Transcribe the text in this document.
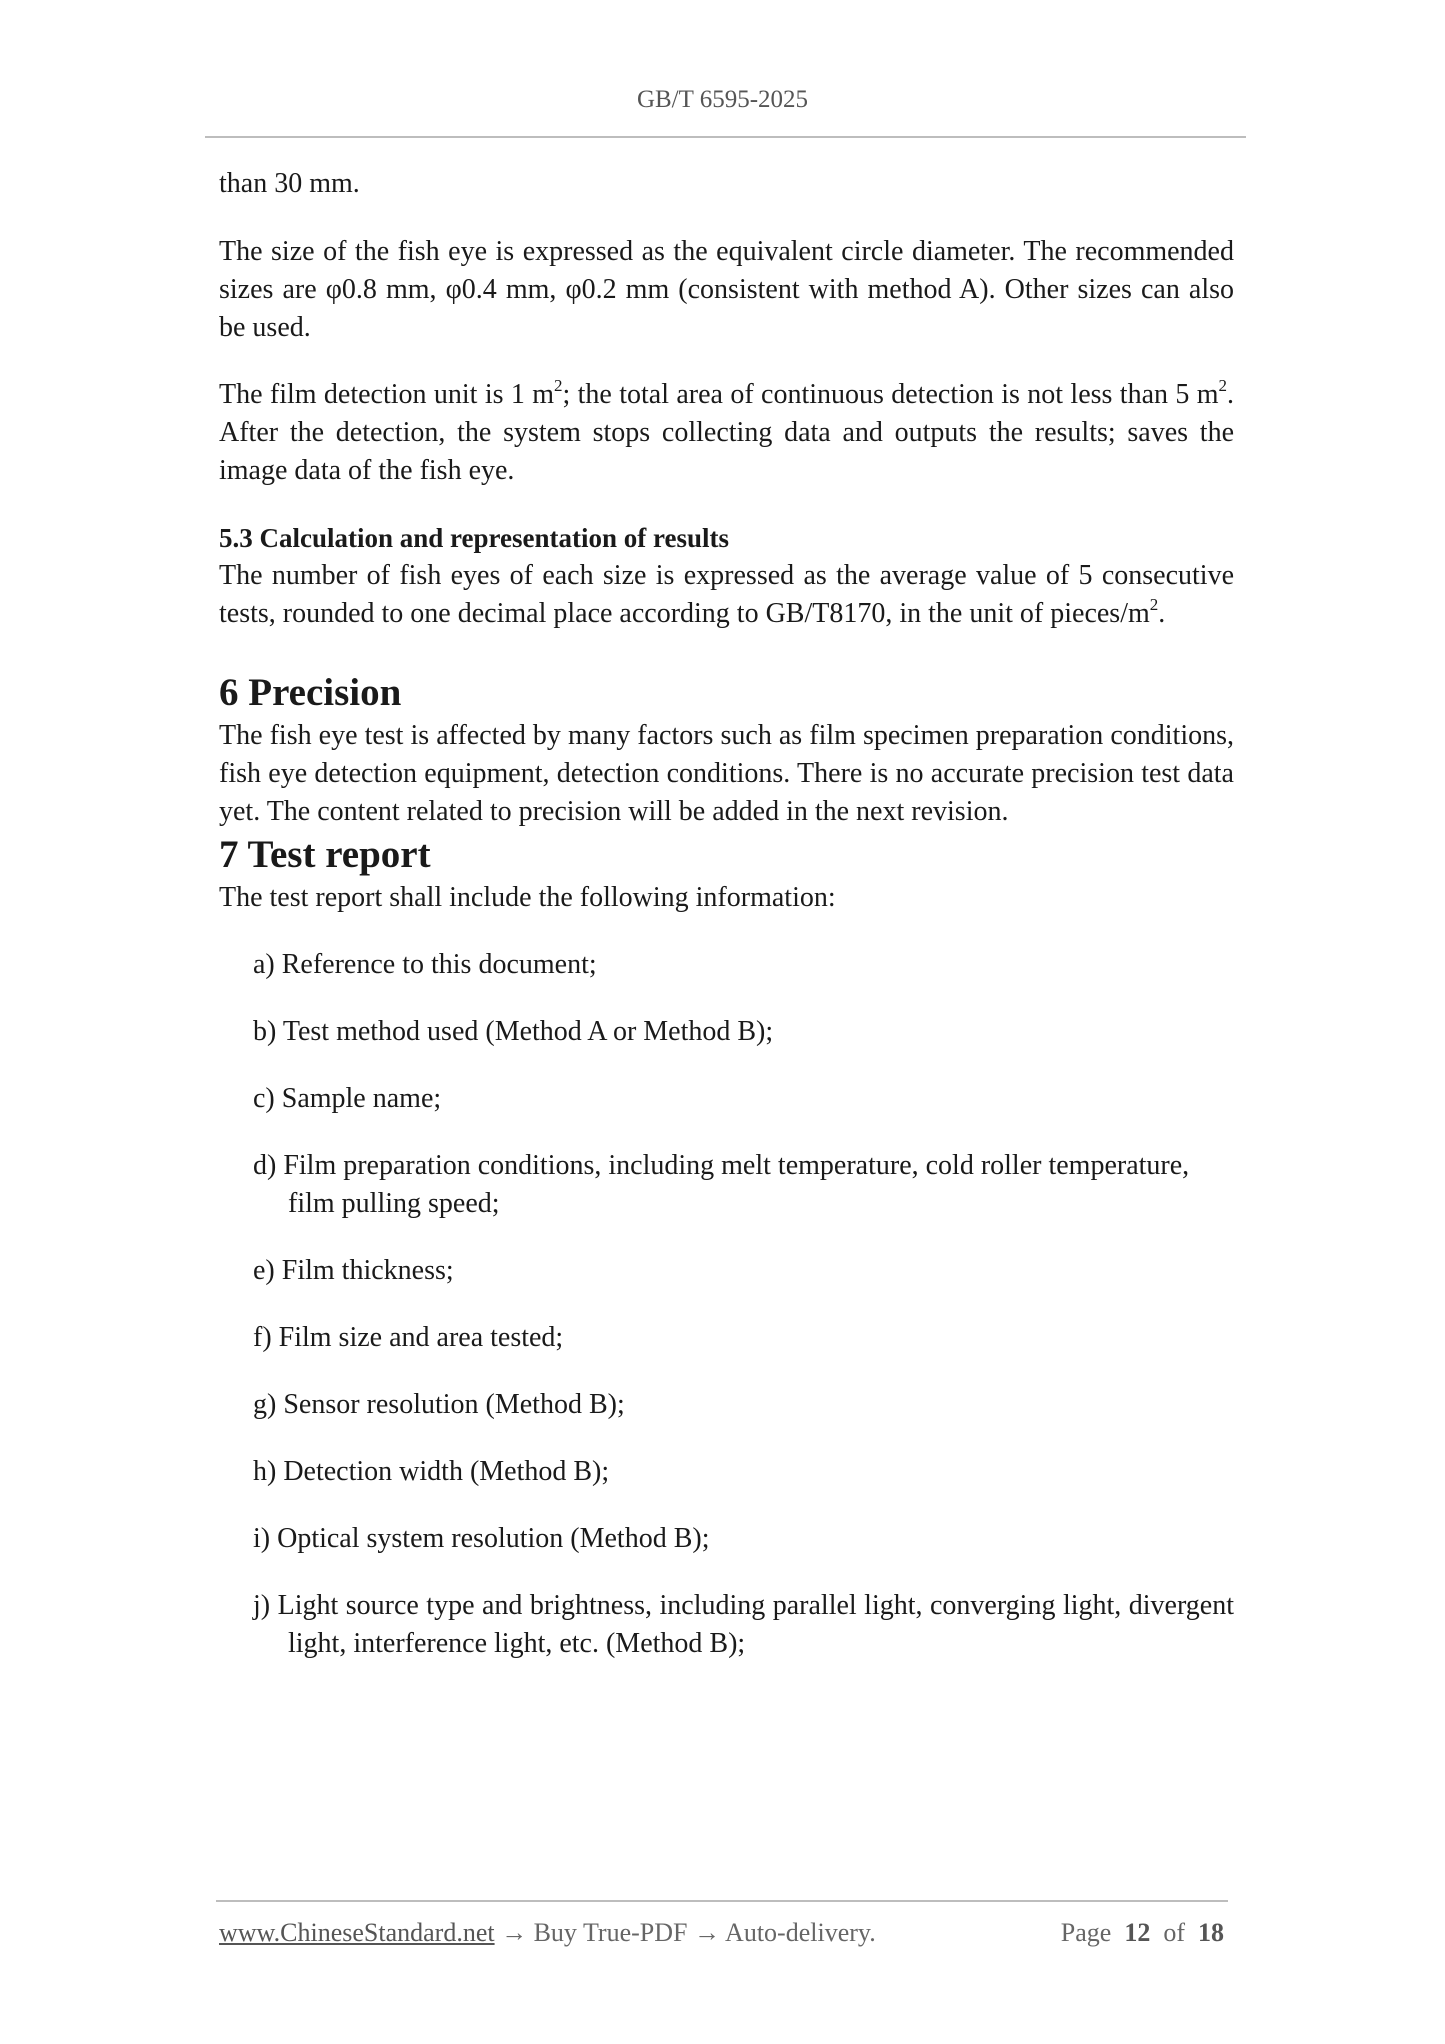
GB/T 6595-2025

than 30 mm.

The size of the fish eye is expressed as the equivalent circle diameter. The recommended sizes are φ0.8 mm, φ0.4 mm, φ0.2 mm (consistent with method A). Other sizes can also be used.

The film detection unit is 1 $m^2$; the total area of continuous detection is not less than 5 $m^2$. After the detection, the system stops collecting data and outputs the results; saves the image data of the fish eye.

5.3 Calculation and representation of results

The number of fish eyes of each size is expressed as the average value of 5 consecutive tests, rounded to one decimal place according to GB/T8170, in the unit of pieces/$m^2$.

6 Precision

The fish eye test is affected by many factors such as film specimen preparation conditions, fish eye detection equipment, detection conditions. There is no accurate precision test data yet. The content related to precision will be added in the next revision.

7 Test report

The test report shall include the following information:

a) Reference to this document;
b) Test method used (Method A or Method B);
c) Sample name;
d) Film preparation conditions, including melt temperature, cold roller temperature, film pulling speed;
e) Film thickness;
f) Film size and area tested;
g) Sensor resolution (Method B);
h) Detection width (Method B);
i) Optical system resolution (Method B);
j) Light source type and brightness, including parallel light, converging light, divergent light, interference light, etc. (Method B);
www.ChineseStandard.net → Buy True-PDF → Auto-delivery.	Page 12 of 18
